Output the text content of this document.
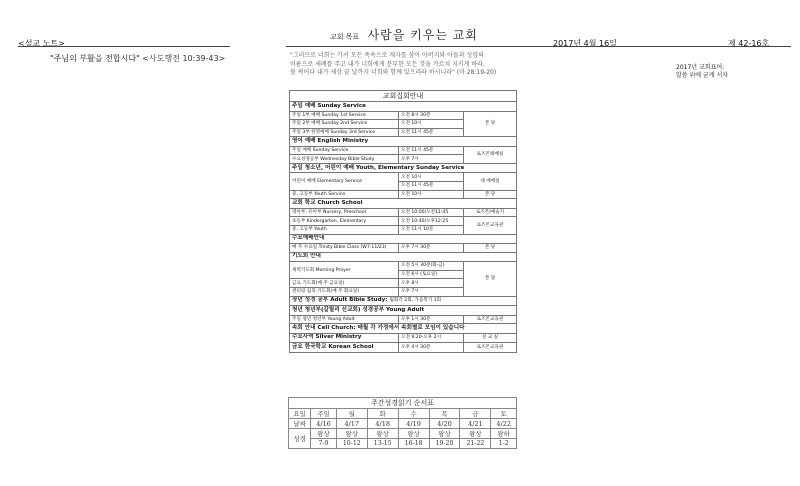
<설교 노트>
"주님의 부활을 전합시다" <사도행전 10:39-43>
교회 목표 사람을 키우는 교회
2017년 4월 16일	제 42-16호
"그러므로 너희는 가서 모든 족속으로 제자를 삼아 아버지와 아들과 성령의
이름으로 세례를 주고 내가 너희에게 분부한 모든 것을 가르쳐 지키게 하라.
볼 찌어다 내가 세상 끝 날까지 너희와 함께 있으리라 하시니라" (마 28:19-20)
2017년 교회표어:
말씀 위에 굳게 서자
교회집회안내		
주일 예배 Sunday Service		
주일 1부 예배 Sunday 1st Service	오전 8시 30분	본 당
주일 2부 예배 Sunday 2nd Service	오전 10시	
주일 3부 한영예배 Sunday 3rd Service	오전 11시 45분	
영어 예배 English Ministry		
주일 예배 Sunday Service	오전 11시 45분	로즈몬례배실
수요성경공부 Wednesday Bible Study	오후 7시	
주일 청소년, 어린이 예배 Youth, Elementary Sunday Service		
어린이 예배 Elementary Service	오전 10시	대 예배실
	오전 11시 45분	
중, 고등부 Youth Service	오전 10시	본 당
교회 학교 Church School		
영아부, 유아부 Nursery, Preschool	오전 10:00/오전11:45	로즈몬/예술지
초등부 Kindergarten, Elementary	오전 10:40/오후12:25	로즈몬교육관
중, 고등부 Youth	오전 11시 10분	
수요예배안내		
매 주 수요일 Trinity Bible Class (W7-11/23)	오후 7시 30분	본 당
기도회 안내		
새벽기도회 Morning Prayer	오전 5시 30분(화-금)	본 당
	오전 6시 (토요일)	
금요 기도회(매 주 금요일)	오후 8시	
센터링 침묵 기도회(매 주 화요일)	오후 7시	
장년 성경 공부 Adult Bible Study: 월화각 2회, 가을학기 1회		
청년 청년부(갈릴리 선교회) 성경공부 Young Adult		
주일 청년 청년부 Young Adult	오후 1시 30분	로즈몬교육관
속회 안내 Cell Church: 매월 각 가정에서 속회별로 모임이 있습니다		
수요사역 Silver Ministry	오전 9:20-오후 2시	친 교 실
금요 한국학교 Korean School	오후 4시 30분	로즈몬교육관
주간성경읽기 순서표							
요일	주일	월	화	수	목	금	토
날짜	4/16	4/17	4/18	4/19	4/20	4/21	4/22
성경	왕상	왕상	왕상	왕상	왕상	왕상	왕하
	7-9	10-12	13-15	16-18	19-20	21-22	1-2
